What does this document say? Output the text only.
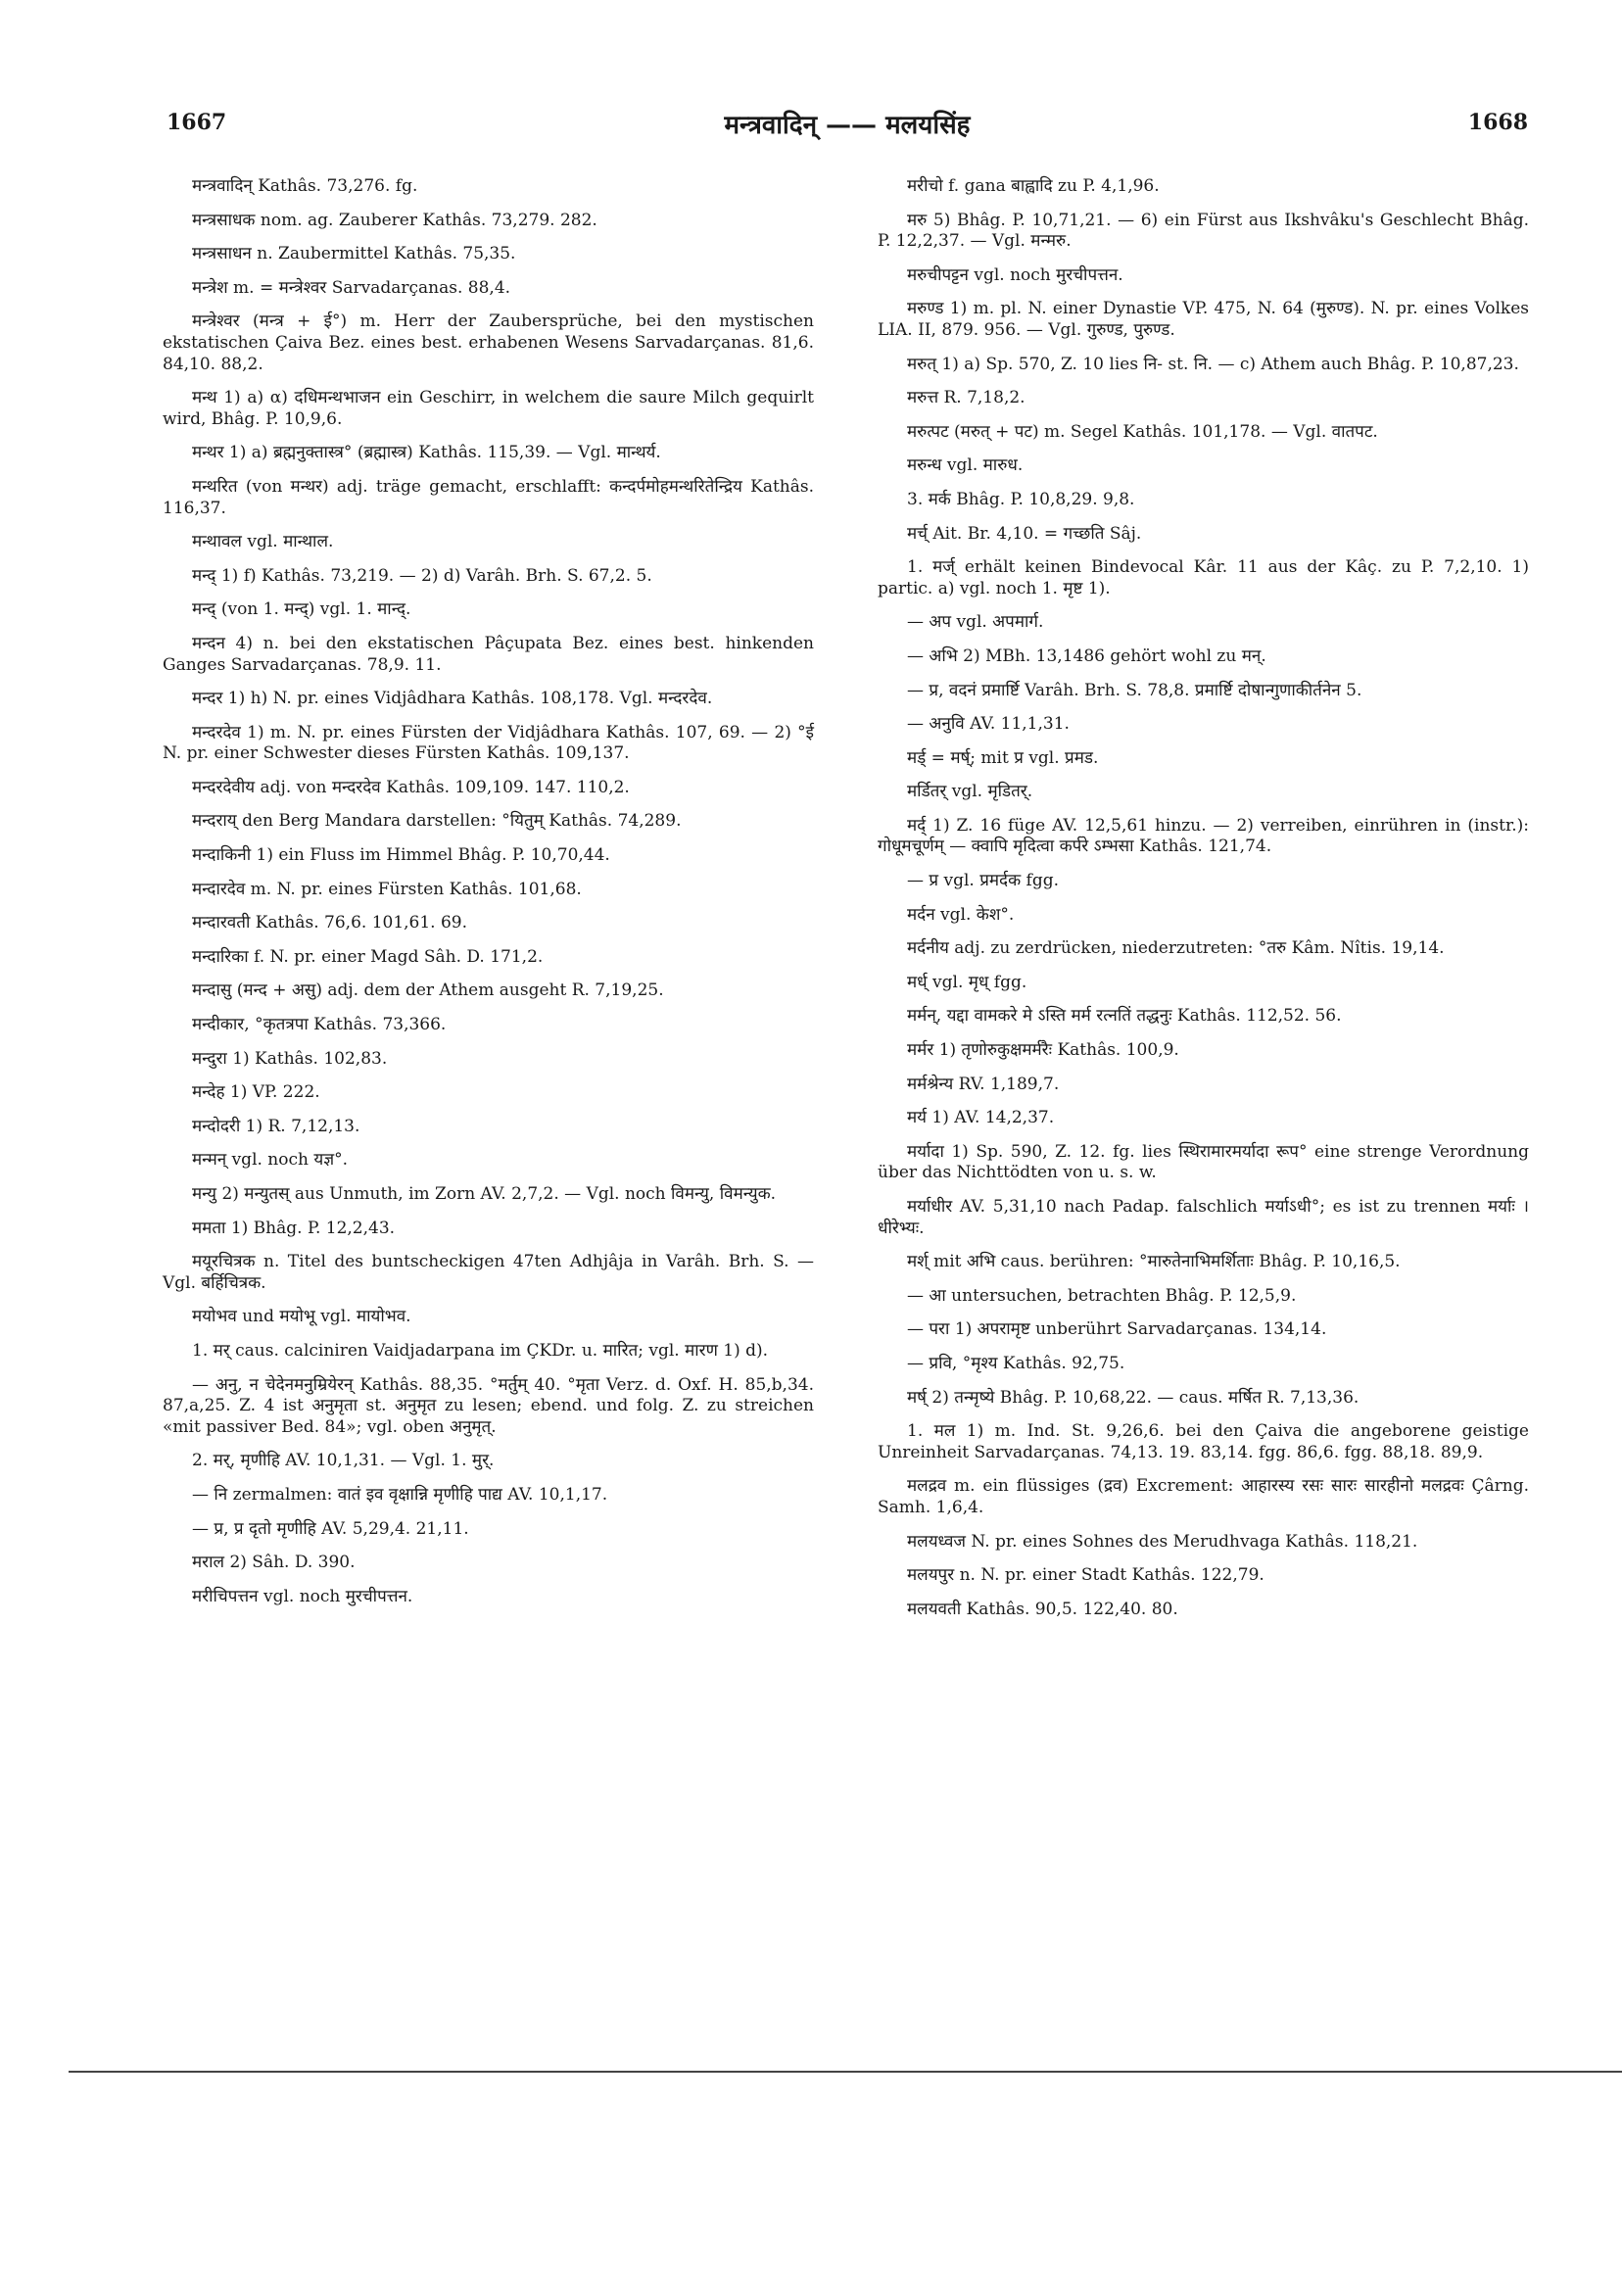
1667	मन्त्रवादिन् —— मलयसिंह	1668

मन्त्रवादिन् Kathâs. 73,276. fg.

मन्त्रसाधक nom. ag. Zauberer Kathâs. 73,279. 282.

मन्त्रसाधन n. Zaubermittel Kathâs. 75,35.

मन्त्रेश m. = मन्त्रेश्वर Sarvadarçanas. 88,4.

मन्त्रेश्वर (मन्त्र + ई°) m. Herr der Zaubersprüche, bei den mystischen ekstatischen Çaiva Bez. eines best. erhabenen Wesens Sarvadarçanas. 81,6. 84,10. 88,2.

मन्थ 1) a) α) दधिमन्थभाजन ein Geschirr, in welchem die saure Milch gequirlt wird, Bhâg. P. 10,9,6.

मन्थर 1) a) ब्रह्मनुक्तास्त्र° (ब्रह्मास्त्र) Kathâs. 115,39. — Vgl. मान्थर्य.

मन्थरित (von मन्थर) adj. träge gemacht, erschlafft: कन्दर्पमोहमन्थरितेन्द्रिय Kathâs. 116,37.

मन्थावल vgl. मान्थाल.

मन्द् 1) f) Kathâs. 73,219. — 2) d) Varâh. Brh. S. 67,2. 5.

मन्द् (von 1. मन्द्) vgl. 1. मान्द्.

मन्दन 4) n. bei den ekstatischen Pâçupata Bez. eines best. hinkenden Ganges Sarvadarçanas. 78,9. 11.

मन्दर 1) h) N. pr. eines Vidjâdhara Kathâs. 108,178. Vgl. मन्दरदेव.

मन्दरदेव 1) m. N. pr. eines Fürsten der Vidjâdhara Kathâs. 107, 69. — 2) °ई N. pr. einer Schwester dieses Fürsten Kathâs. 109,137.

मन्दरदेवीय adj. von मन्दरदेव Kathâs. 109,109. 147. 110,2.

मन्दराय् den Berg Mandara darstellen: °यितुम् Kathâs. 74,289.

मन्दाकिनी 1) ein Fluss im Himmel Bhâg. P. 10,70,44.

मन्दारदेव m. N. pr. eines Fürsten Kathâs. 101,68.

मन्दारवती Kathâs. 76,6. 101,61. 69.

मन्दारिका f. N. pr. einer Magd Sâh. D. 171,2.

मन्दासु (मन्द + असु) adj. dem der Athem ausgeht R. 7,19,25.

मन्दीकार, °कृतत्रपा Kathâs. 73,366.

मन्दुरा 1) Kathâs. 102,83.

मन्देह 1) VP. 222.

मन्दोदरी 1) R. 7,12,13.

मन्मन् vgl. noch यज्ञ°.

मन्यु 2) मन्युतस् aus Unmuth, im Zorn AV. 2,7,2. — Vgl. noch विमन्यु, विमन्युक.

ममता 1) Bhâg. P. 12,2,43.

मयूरचित्रक n. Titel des buntscheckigen 47ten Adhjâja in Varâh. Brh. S. — Vgl. बर्हिचित्रक.

मयोभव und मयोभू vgl. मायोभव.

1. मर् caus. calciniren Vaidjadarpana im ÇKDr. u. मारित; vgl. मारण 1) d).

— अनु, न चेदेनमनुम्रियेरन् Kathâs. 88,35. °मर्तुम् 40. °मृता Verz. d. Oxf. H. 85,b,34. 87,a,25. Z. 4 ist अनुमृता st. अनुमृत zu lesen; ebend. und folg. Z. zu streichen «mit passiver Bed. 84»; vgl. oben अनुमृत्.

2. मर्, मृणीहि AV. 10,1,31. — Vgl. 1. मुर्.

— नि zermalmen: वातं इव वृक्षान्नि मृणीहि पाद्य AV. 10,1,17.

— प्र, प्र दृतो मृणीहि AV. 5,29,4. 21,11.

मराल 2) Sâh. D. 390.

मरीचिपत्तन vgl. noch मुरचीपत्तन.

मरीचो f. gana बाह्वादि zu P. 4,1,96.

मरु 5) Bhâg. P. 10,71,21. — 6) ein Fürst aus Ikshvâku's Geschlecht Bhâg. P. 12,2,37. — Vgl. मन्मरु.

मरुचीपट्टन vgl. noch मुरचीपत्तन.

मरुण्ड 1) m. pl. N. einer Dynastie VP. 475, N. 64 (मुरुण्ड). N. pr. eines Volkes LIA. II, 879. 956. — Vgl. गुरुण्ड, पुरुण्ड.

मरुत् 1) a) Sp. 570, Z. 10 lies नि- st. नि. — c) Athem auch Bhâg. P. 10,87,23.

मरुत्त R. 7,18,2.

मरुत्पट (मरुत् + पट) m. Segel Kathâs. 101,178. — Vgl. वातपट.

मरुन्ध vgl. मारुध.

3. मर्क Bhâg. P. 10,8,29. 9,8.

मर्च् Ait. Br. 4,10. = गच्छति Sâj.

1. मर्ज् erhält keinen Bindevocal Kâr. 11 aus der Kâç. zu P. 7,2,10. 1) partic. a) vgl. noch 1. मृष्ट 1).

— अप vgl. अपमार्ग.

— अभि 2) MBh. 13,1486 gehört wohl zu मन्.

— प्र, वदनं प्रमार्ष्टि Varâh. Brh. S. 78,8. प्रमार्ष्टि दोषान्गुणाकीर्तनेन 5.

— अनुवि AV. 11,1,31.

मर्ड् = मर्ष्; mit प्र vgl. प्रमड.

मर्डितर् vgl. मृडितर्.

मर्द् 1) Z. 16 füge AV. 12,5,61 hinzu. — 2) verreiben, einrühren in (instr.): गोधूमचूर्णम् — क्वापि मृदित्वा कर्परे ऽम्भसा Kathâs. 121,74.

— प्र vgl. प्रमर्दक fgg.

मर्दन vgl. केश°.

मर्दनीय adj. zu zerdrücken, niederzutreten: °तरु Kâm. Nîtis. 19,14.

मर्ध् vgl. मृध् fgg.

मर्मन्, यद्दा वामकरे मे ऽस्ति मर्म रत्नतिं तद्धनुः Kathâs. 112,52. 56.

मर्मर 1) तृणोरुकुक्षमर्मरैः Kathâs. 100,9.

मर्मश्रेन्य RV. 1,189,7.

मर्य 1) AV. 14,2,37.

मर्यादा 1) Sp. 590, Z. 12. fg. lies स्थिरामारमर्यादा रूप° eine strenge Verordnung über das Nichttödten von u. s. w.

मर्याधीर AV. 5,31,10 nach Padap. falschlich मर्याऽधी°; es ist zu trennen मर्याः । धीरेभ्यः.

मर्श् mit अभि caus. berühren: °मारुतेनाभिमर्शिताः Bhâg. P. 10,16,5.

— आ untersuchen, betrachten Bhâg. P. 12,5,9.

— परा 1) अपरामृष्ट unberührt Sarvadarçanas. 134,14.

— प्रवि, °मृश्य Kathâs. 92,75.

मर्ष् 2) तन्मृष्ये Bhâg. P. 10,68,22. — caus. मर्षित R. 7,13,36.

1. मल 1) m. Ind. St. 9,26,6. bei den Çaiva die angeborene geistige Unreinheit Sarvadarçanas. 74,13. 19. 83,14. fgg. 86,6. fgg. 88,18. 89,9.

मलद्रव m. ein flüssiges (द्रव) Excrement: आहारस्य रसः सारः सारहीनो मलद्रवः Çârng. Samh. 1,6,4.

मलयध्वज N. pr. eines Sohnes des Merudhvaga Kathâs. 118,21.

मलयपुर n. N. pr. einer Stadt Kathâs. 122,79.

मलयवती Kathâs. 90,5. 122,40. 80.
